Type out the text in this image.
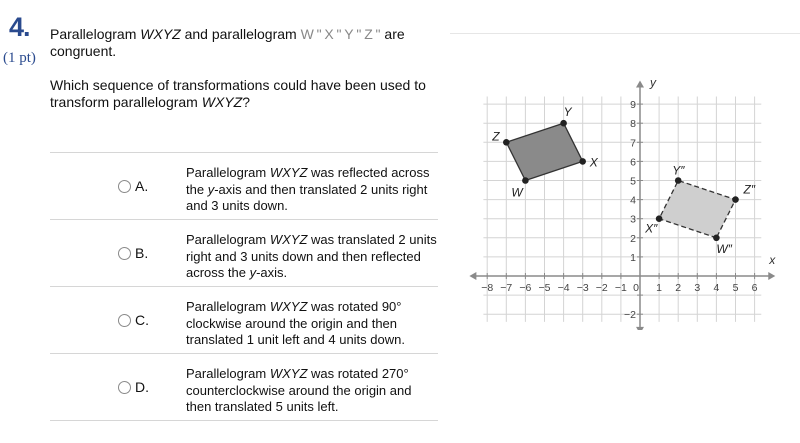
4.
(1 pt)

Parallelogram WXYZ and parallelogram W " X " Y " Z " are congruent.

Which sequence of transformations could have been used to transform parallelogram WXYZ?

A.
Parallelogram WXYZ was reflected across the y-axis and then translated 2 units right and 3 units down.
B.
Parallelogram WXYZ was translated 2 units right and 3 units down and then reflected across the y-axis.
C.
Parallelogram WXYZ was rotated 90° clockwise around the origin and then translated 1 unit left and 4 units down.
D.
Parallelogram WXYZ was rotated 270° counterclockwise around the origin and then translated 5 units left.
−8 −7 −6 −5 −4 −3 −2 −1 0 1 2 3 4 5 6
9
8
7
6
5
4
3
2
1
−2
x
y
W
X
Y
Z
W″
X″
Y″
Z″
